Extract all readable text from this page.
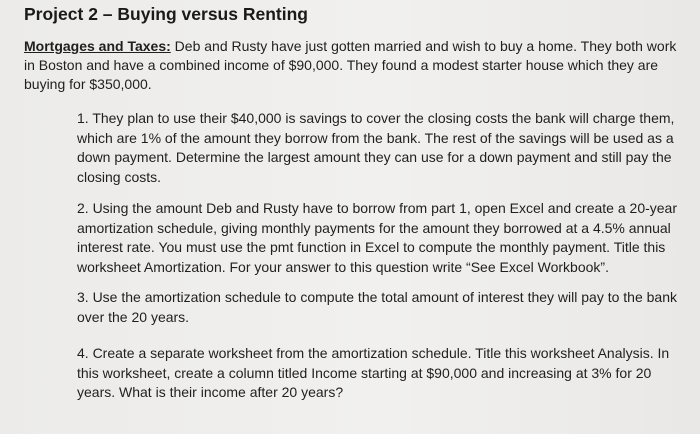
Project 2 – Buying versus Renting
Mortgages and Taxes: Deb and Rusty have just gotten married and wish to buy a home. They both work in Boston and have a combined income of $90,000. They found a modest starter house which they are buying for $350,000.
1. They plan to use their $40,000 is savings to cover the closing costs the bank will charge them, which are 1% of the amount they borrow from the bank. The rest of the savings will be used as a down payment. Determine the largest amount they can use for a down payment and still pay the closing costs.
2. Using the amount Deb and Rusty have to borrow from part 1, open Excel and create a 20-year amortization schedule, giving monthly payments for the amount they borrowed at a 4.5% annual interest rate. You must use the pmt function in Excel to compute the monthly payment. Title this worksheet Amortization. For your answer to this question write “See Excel Workbook”.
3. Use the amortization schedule to compute the total amount of interest they will pay to the bank over the 20 years.
4. Create a separate worksheet from the amortization schedule. Title this worksheet Analysis. In this worksheet, create a column titled Income starting at $90,000 and increasing at 3% for 20 years. What is their income after 20 years?
